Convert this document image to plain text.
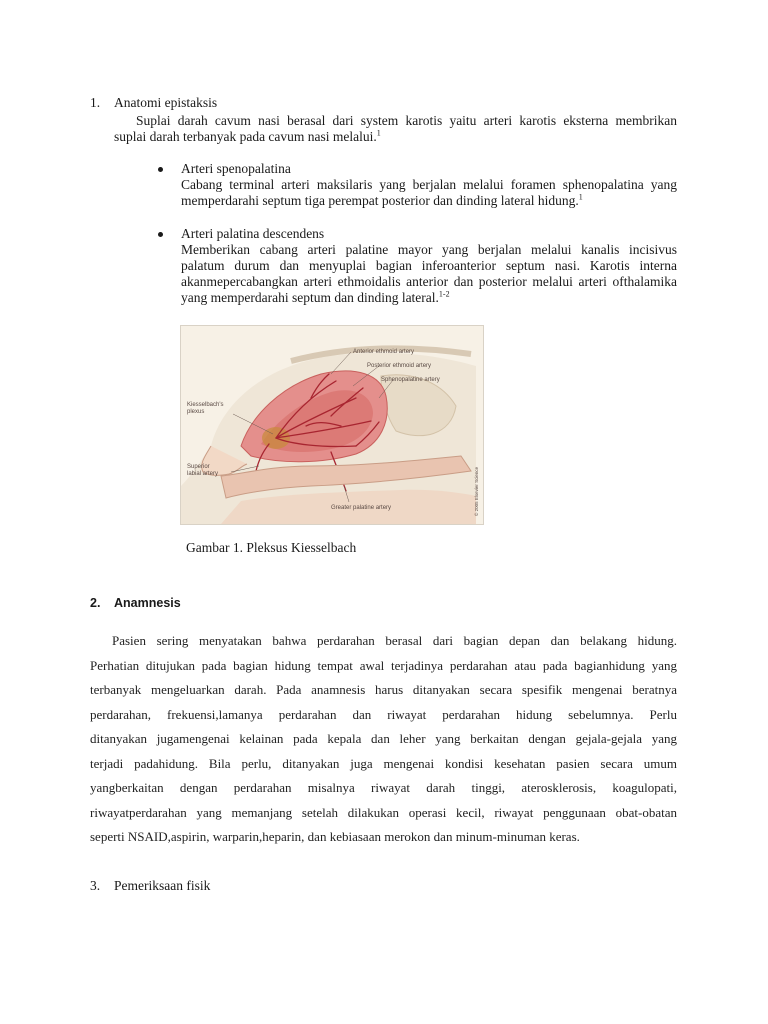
1. Anatomi epistaksis
Suplai darah cavum nasi berasal dari system karotis yaitu arteri karotis eksterna membrikan
suplai darah terbanyak pada cavum nasi melalui.$^1$
Arteri spenopalatina
Cabang terminal arteri maksilaris yang berjalan melalui foramen sphenopalatina yang
memperdarahi septum tiga perempat posterior dan dinding lateral hidung.$^1$
Arteri palatina descendens
Memberikan cabang arteri palatine mayor yang berjalan melalui kanalis incisivus
palatum durum dan menyuplai bagian inferoanterior septum nasi. Karotis interna
akanmepercabangkan arteri ethmoidalis anterior dan posterior melalui arteri ofthalamika
yang memperdarahi septum dan dinding lateral.$^{1-2}$
Anterior ethmoid artery
Posterior ethmoid artery
Sphenopalatine artery
Kiesselbach's
plexus
Superior
labial artery
Greater palatine artery	© 2005 Elsevier Science
Gambar 1. Pleksus Kiesselbach
2. Anamnesis
Pasien sering menyatakan bahwa perdarahan berasal dari bagian depan dan belakang hidung.
Perhatian ditujukan pada bagian hidung tempat awal terjadinya perdarahan atau pada bagianhidung yang
terbanyak mengeluarkan darah. Pada anamnesis harus ditanyakan secara spesifik mengenai beratnya
perdarahan, frekuensi,lamanya perdarahan dan riwayat perdarahan hidung sebelumnya. Perlu
ditanyakan jugamengenai kelainan pada kepala dan leher yang berkaitan dengan gejala-gejala yang
terjadi padahidung. Bila perlu, ditanyakan juga mengenai kondisi kesehatan pasien secara umum
yangberkaitan dengan perdarahan misalnya riwayat darah tinggi, aterosklerosis, koagulopati,
riwayatperdarahan yang memanjang setelah dilakukan operasi kecil, riwayat penggunaan obat-obatan
seperti NSAID,aspirin, warparin,heparin, dan kebiasaan merokon dan minum-minuman keras.
3. Pemeriksaan fisik
